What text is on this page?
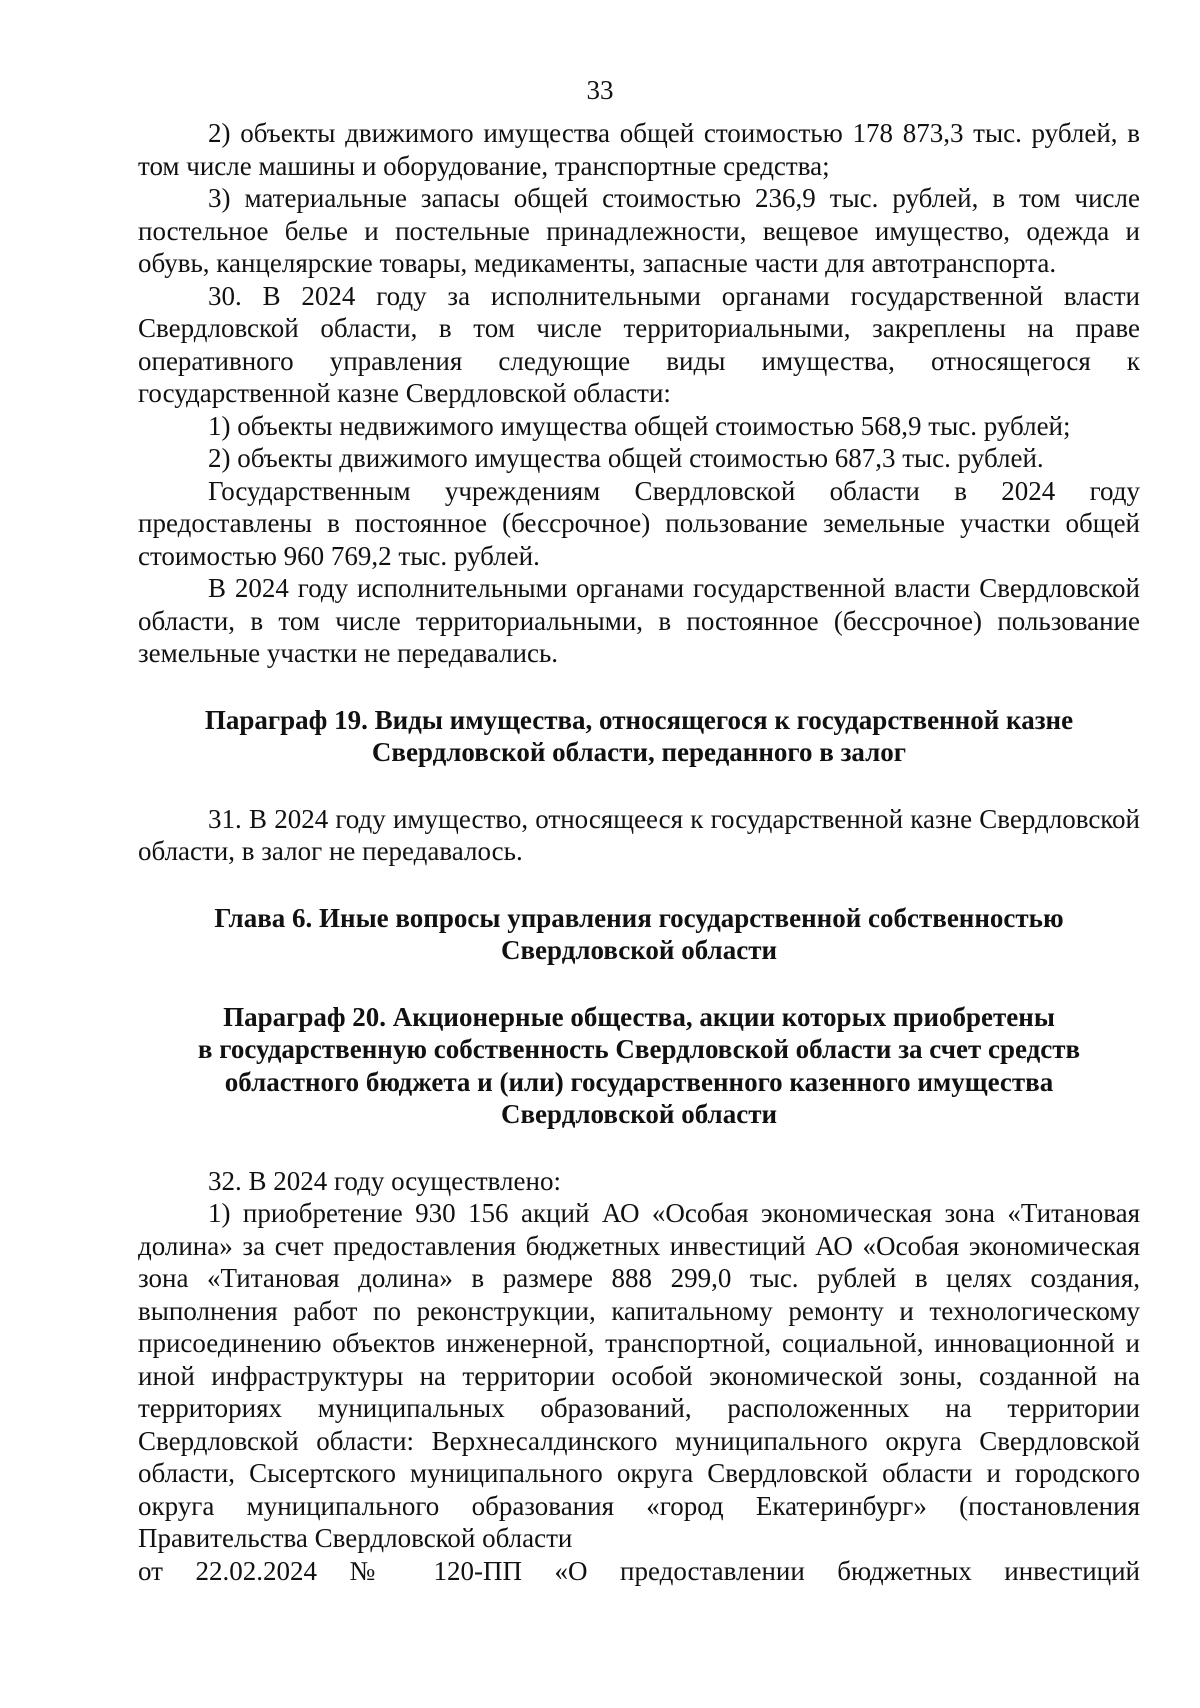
33

2) объекты движимого имущества общей стоимостью 178 873,3 тыс. рублей, в том числе машины и оборудование, транспортные средства;

3) материальные запасы общей стоимостью 236,9 тыс. рублей, в том числе постельное белье и постельные принадлежности, вещевое имущество, одежда и обувь, канцелярские товары, медикаменты, запасные части для автотранспорта.

30. В 2024 году за исполнительными органами государственной власти Свердловской области, в том числе территориальными, закреплены на праве оперативного управления следующие виды имущества, относящегося к государственной казне Свердловской области:

1) объекты недвижимого имущества общей стоимостью 568,9 тыс. рублей;

2) объекты движимого имущества общей стоимостью 687,3 тыс. рублей.

Государственным учреждениям Свердловской области в 2024 году предоставлены в постоянное (бессрочное) пользование земельные участки общей стоимостью 960 769,2 тыс. рублей.

В 2024 году исполнительными органами государственной власти Свердловской области, в том числе территориальными, в постоянное (бессрочное) пользование земельные участки не передавались.

Параграф 19. Виды имущества, относящегося к государственной казне
Свердловской области, переданного в залог

31. В 2024 году имущество, относящееся к государственной казне Свердловской области, в залог не передавалось.

Глава 6. Иные вопросы управления государственной собственностью
Свердловской области
Параграф 20. Акционерные общества, акции которых приобретены
в государственную собственность Свердловской области за счет средств
областного бюджета и (или) государственного казенного имущества
Свердловской области

32. В 2024 году осуществлено:

1) приобретение 930 156 акций АО «Особая экономическая зона «Титановая долина» за счет предоставления бюджетных инвестиций АО «Особая экономическая зона «Титановая долина» в размере 888 299,0 тыс. рублей в целях создания, выполнения работ по реконструкции, капитальному ремонту и технологическому присоединению объектов инженерной, транспортной, социальной, инновационной и иной инфраструктуры на территории особой экономической зоны, созданной на территориях муниципальных образований, расположенных на территории Свердловской области: Верхнесалдинского муниципального округа Свердловской области, Сысертского муниципального округа Свердловской области и городского округа муниципального образования «город Екатеринбург» (постановления Правительства Свердловской области

от 22.02.2024 № 120-ПП «О предоставлении бюджетных инвестиций
